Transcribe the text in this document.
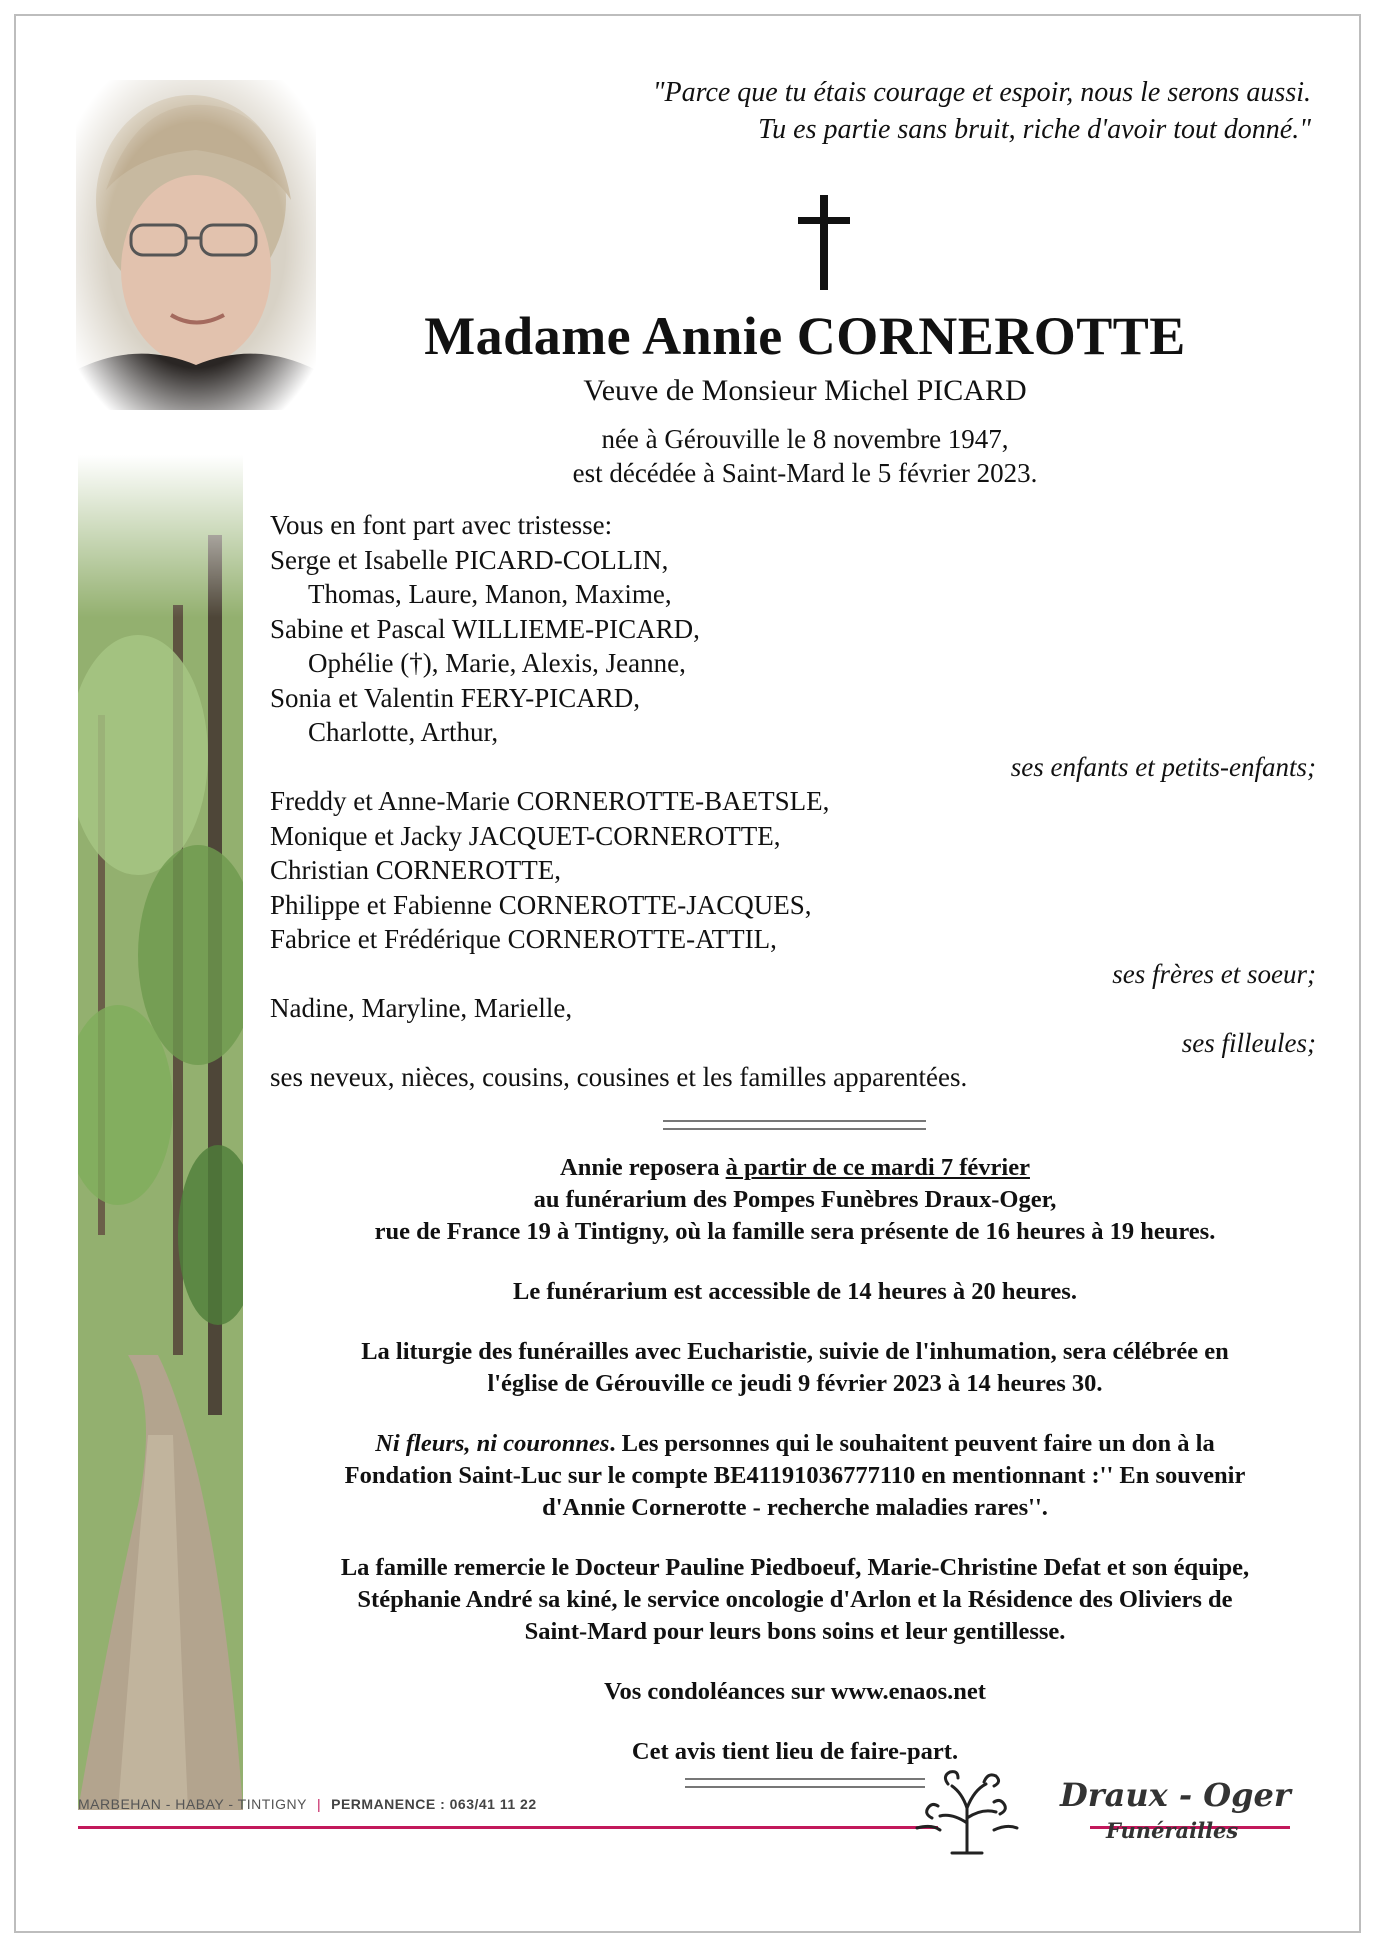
"Parce que tu étais courage et espoir, nous le serons aussi.
Tu es partie sans bruit, riche d'avoir tout donné."
Madame Annie CORNEROTTE
Veuve de Monsieur Michel PICARD
née à Gérouville le 8 novembre 1947,
est décédée à Saint-Mard le 5 février 2023.
Vous en font part avec tristesse:
Serge et Isabelle PICARD-COLLIN,
Thomas, Laure, Manon, Maxime,
Sabine et Pascal WILLIEME-PICARD,
Ophélie (†), Marie, Alexis, Jeanne,
Sonia et Valentin FERY-PICARD,
Charlotte, Arthur,
ses enfants et petits-enfants;
Freddy et Anne-Marie CORNEROTTE-BAETSLE,
Monique et Jacky JACQUET-CORNEROTTE,
Christian CORNEROTTE,
Philippe et Fabienne CORNEROTTE-JACQUES,
Fabrice et Frédérique CORNEROTTE-ATTIL,
ses frères et soeur;
Nadine, Maryline, Marielle,
ses filleules;
ses neveux, nièces, cousins, cousines et les familles apparentées.

Annie reposera à partir de ce mardi 7 février
au funérarium des Pompes Funèbres Draux-Oger,
rue de France 19 à Tintigny, où la famille sera présente de 16 heures à 19 heures.

Le funérarium est accessible de 14 heures à 20 heures.

La liturgie des funérailles avec Eucharistie, suivie de l'inhumation, sera célébrée en
l'église de Gérouville ce jeudi 9 février 2023 à 14 heures 30.

Ni fleurs, ni couronnes. Les personnes qui le souhaitent peuvent faire un don à la
Fondation Saint-Luc sur le compte BE41191036777110 en mentionnant :'' En souvenir
d'Annie Cornerotte - recherche maladies rares''.

La famille remercie le Docteur Pauline Piedboeuf, Marie-Christine Defat et son équipe,
Stéphanie André sa kiné, le service oncologie d'Arlon et la Résidence des Oliviers de
Saint-Mard pour leurs bons soins et leur gentillesse.

Vos condoléances sur www.enaos.net

Cet avis tient lieu de faire-part.

MARBEHAN - HABAY - TINTIGNY | PERMANENCE : 063/41 11 22	Draux - Oger
Funérailles
